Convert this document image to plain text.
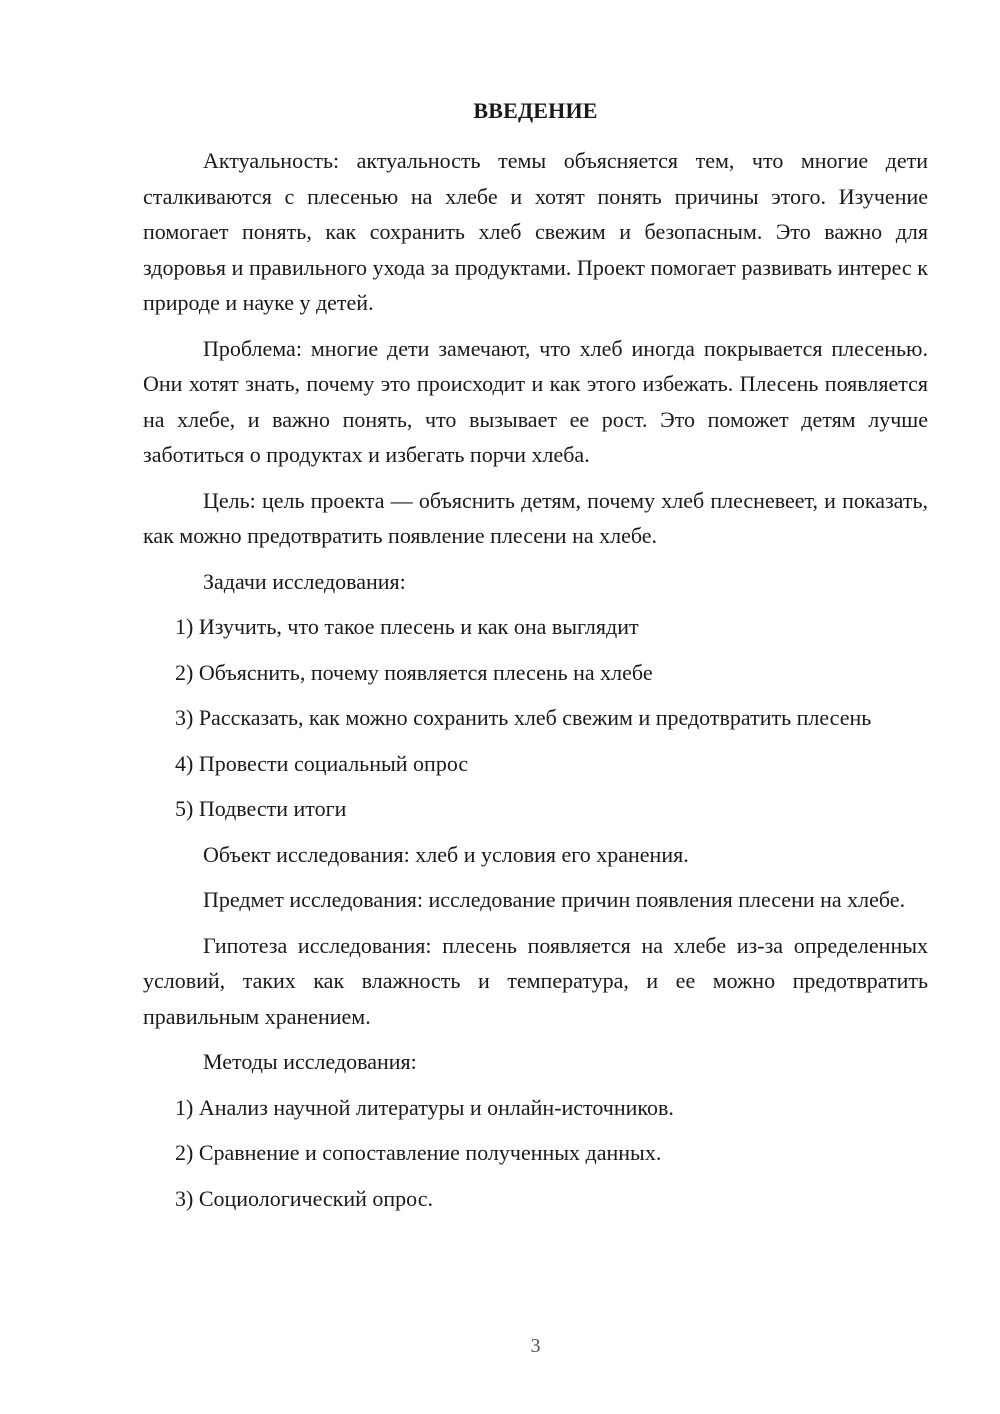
ВВЕДЕНИЕ

Актуальность: актуальность темы объясняется тем, что многие дети сталкиваются с плесенью на хлебе и хотят понять причины этого. Изучение помогает понять, как сохранить хлеб свежим и безопасным. Это важно для здоровья и правильного ухода за продуктами. Проект помогает развивать интерес к природе и науке у детей.

Проблема: многие дети замечают, что хлеб иногда покрывается плесенью. Они хотят знать, почему это происходит и как этого избежать. Плесень появляется на хлебе, и важно понять, что вызывает ее рост. Это поможет детям лучше заботиться о продуктах и избегать порчи хлеба.

Цель: цель проекта — объяснить детям, почему хлеб плесневеет, и показать, как можно предотвратить появление плесени на хлебе.

Задачи исследования:

1) Изучить, что такое плесень и как она выглядит

2) Объяснить, почему появляется плесень на хлебе

3) Рассказать, как можно сохранить хлеб свежим и предотвратить плесень

4) Провести социальный опрос

5) Подвести итоги

Объект исследования: хлеб и условия его хранения.

Предмет исследования: исследование причин появления плесени на хлебе.

Гипотеза исследования: плесень появляется на хлебе из-за определенных условий, таких как влажность и температура, и ее можно предотвратить правильным хранением.

Методы исследования:

1) Анализ научной литературы и онлайн-источников.

2) Сравнение и сопоставление полученных данных.

3) Социологический опрос.

3
